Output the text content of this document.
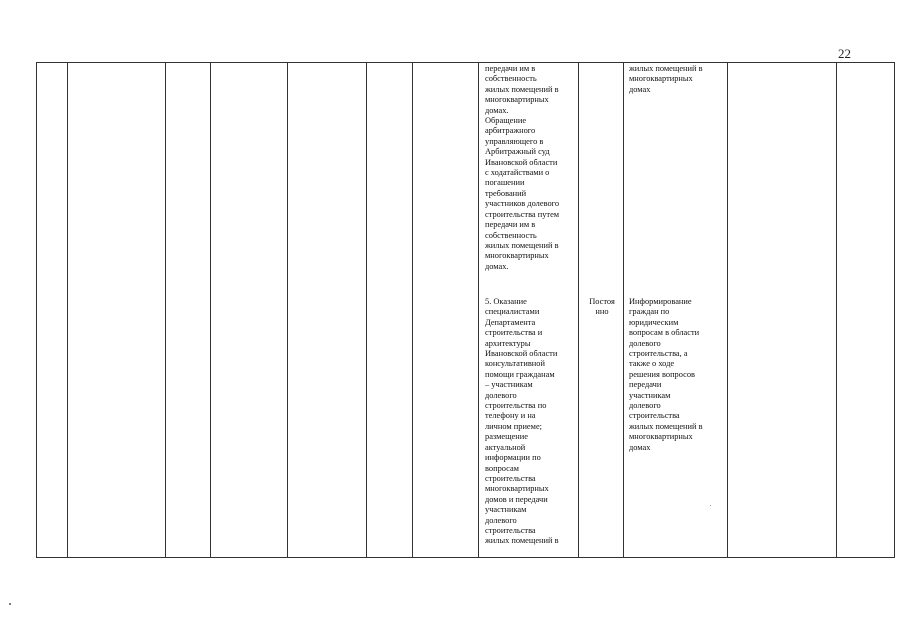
22

передачи им в
собственность
жилых помещений в
многоквартирных
домах.
Обращение
арбитражного
управляющего в
Арбитражный суд
Ивановской области
с ходатайствами о
погашении
требований
участников долевого
строительства путем
передачи им в
собственность
жилых помещений в
многоквартирных
домах.

5. Оказание
специалистами
Департамента
строительства и
архитектуры
Ивановской области
консультативной
помощи гражданам
– участникам
долевого
строительства по
телефону и на
личном приеме;
размещение
актуальной
информации по
вопросам
строительства
многоквартирных
домов и передачи
участникам
долевого
строительства
жилых помещений в

Постоя
нно

жилых помещений в
многоквартирных
домах

Информирование
граждан по
юридическим
вопросам в области
долевого
строительства, а
также о ходе
решения вопросов
передачи
участникам
долевого
строительства
жилых помещений в
многоквартирных
домах
